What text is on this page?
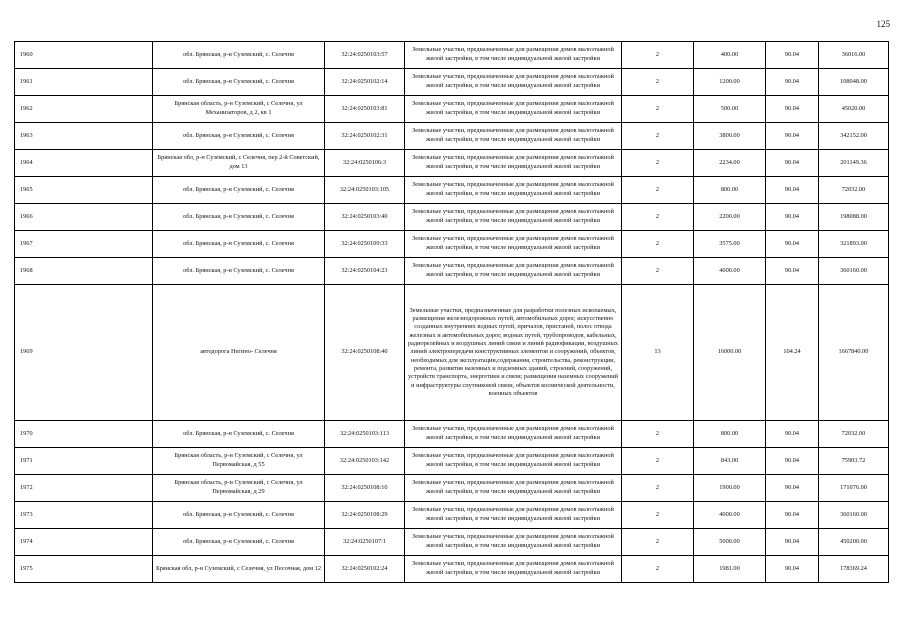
125
1960	обл. Брянская, р-н Суземский, с. Селечня	32:24:0250103:57	Земельные участки, предназначенные для размещения домов малоэтажной жилой застройки, в том числе индивидуальной жилой застройки	2	400.00	90.04	36016.00
1961	обл. Брянская, р-н Суземский, с. Селечня	32:24:0250102:14	Земельные участки, предназначенные для размещения домов малоэтажной жилой застройки, в том числе индивидуальной жилой застройки	2	1200.00	90.04	108048.00
1962	Брянская область, р-н Суземский, с Селечня, ул Механизаторов, д 2, кв 1	32:24:0250103:81	Земельные участки, предназначенные для размещения домов малоэтажной жилой застройки, в том числе индивидуальной жилой застройки	2	500.00	90.04	45020.00
1963	обл. Брянская, р-н Суземский, с. Селечня	32:24:0250102:31	Земельные участки, предназначенные для размещения домов малоэтажной жилой застройки, в том числе индивидуальной жилой застройки	2	3800.00	90.04	342152.00
1964	Брянская обл, р-н Суземский, с Селечня, пер 2-й Советский, дом 13	32:24:0250106:3	Земельные участки, предназначенные для размещения домов малоэтажной жилой застройки, в том числе индивидуальной жилой застройки	2	2234.00	90.04	201149.36
1965	обл. Брянская, р-н Суземский, с. Селечня	32:24:0250103:105	Земельные участки, предназначенные для размещения домов малоэтажной жилой застройки, в том числе индивидуальной жилой застройки	2	800.00	90.04	72032.00
1966	обл. Брянская, р-н Суземский, с. Селечня	32:24:0250103:40	Земельные участки, предназначенные для размещения домов малоэтажной жилой застройки, в том числе индивидуальной жилой застройки	2	2200.00	90.04	198088.00
1967	обл. Брянская, р-н Суземский, с. Селечня	32:24:0250109:33	Земельные участки, предназначенные для размещения домов малоэтажной жилой застройки, в том числе индивидуальной жилой застройки	2	3575.00	90.04	321893.00
1968	обл. Брянская, р-н Суземский, с. Селечня	32:24:0250104:23	Земельные участки, предназначенные для размещения домов малоэтажной жилой застройки, в том числе индивидуальной жилой застройки	2	4000.00	90.04	360160.00
1969	автодорога Негино- Селечня	32:24:0250108:40	Земельные участки, предназначенные для разработки полезных ископаемых, размещения железнодорожных путей, автомобильных дорог, искусственно созданных внутренних водных путей, причалов, пристаней, полос отвода железных и автомобильных дорог, водных путей, трубопроводов, кабельных, радиорелейных и воздушных линий связи и линий радиофикации, воздушных линий электропередачи конструктивных элементов и сооружений, объектов, необходимых для эксплуатации,содержания, строительства, реконструкции, ремонта, развития наземных и подземных зданий, строений, сооружений, устройств транспорта, энергетики и связи; размещения наземных сооружений и инфраструктуры спутниковой связи, объектов космической деятельности, военных объектов	13	16000.00	104.24	1667840.00
1970	обл. Брянская, р-н Суземский, с. Селечня	32:24:0250103:113	Земельные участки, предназначенные для размещения домов малоэтажной жилой застройки, в том числе индивидуальной жилой застройки	2	800.00	90.04	72032.00
1971	Брянская область, р-н Суземский, с Селечня, ул Первомайская, д 55	32:24:0250103:142	Земельные участки, предназначенные для размещения домов малоэтажной жилой застройки, в том числе индивидуальной жилой застройки	2	843.00	90.04	75903.72
1972	Брянская область, р-н Суземский, с Селечня, ул Первомайская, д 29	32:24:0250108:10	Земельные участки, предназначенные для размещения домов малоэтажной жилой застройки, в том числе индивидуальной жилой застройки	2	1900.00	90.04	171076.00
1973	обл. Брянская, р-н Суземский, с. Селечня	32:24:0250108:29	Земельные участки, предназначенные для размещения домов малоэтажной жилой застройки, в том числе индивидуальной жилой застройки	2	4000.00	90.04	360160.00
1974	обл. Брянская, р-н Суземский, с. Селечня	32:24:0250107:1	Земельные участки, предназначенные для размещения домов малоэтажной жилой застройки, в том числе индивидуальной жилой застройки	2	5000.00	90.04	450200.00
1975	Брянская обл, р-н Суземский, с Селечня, ул Песочная, дом 12	32:24:0250102:24	Земельные участки, предназначенные для размещения домов малоэтажной жилой застройки, в том числе индивидуальной жилой застройки	2	1981.00	90.04	178369.24
